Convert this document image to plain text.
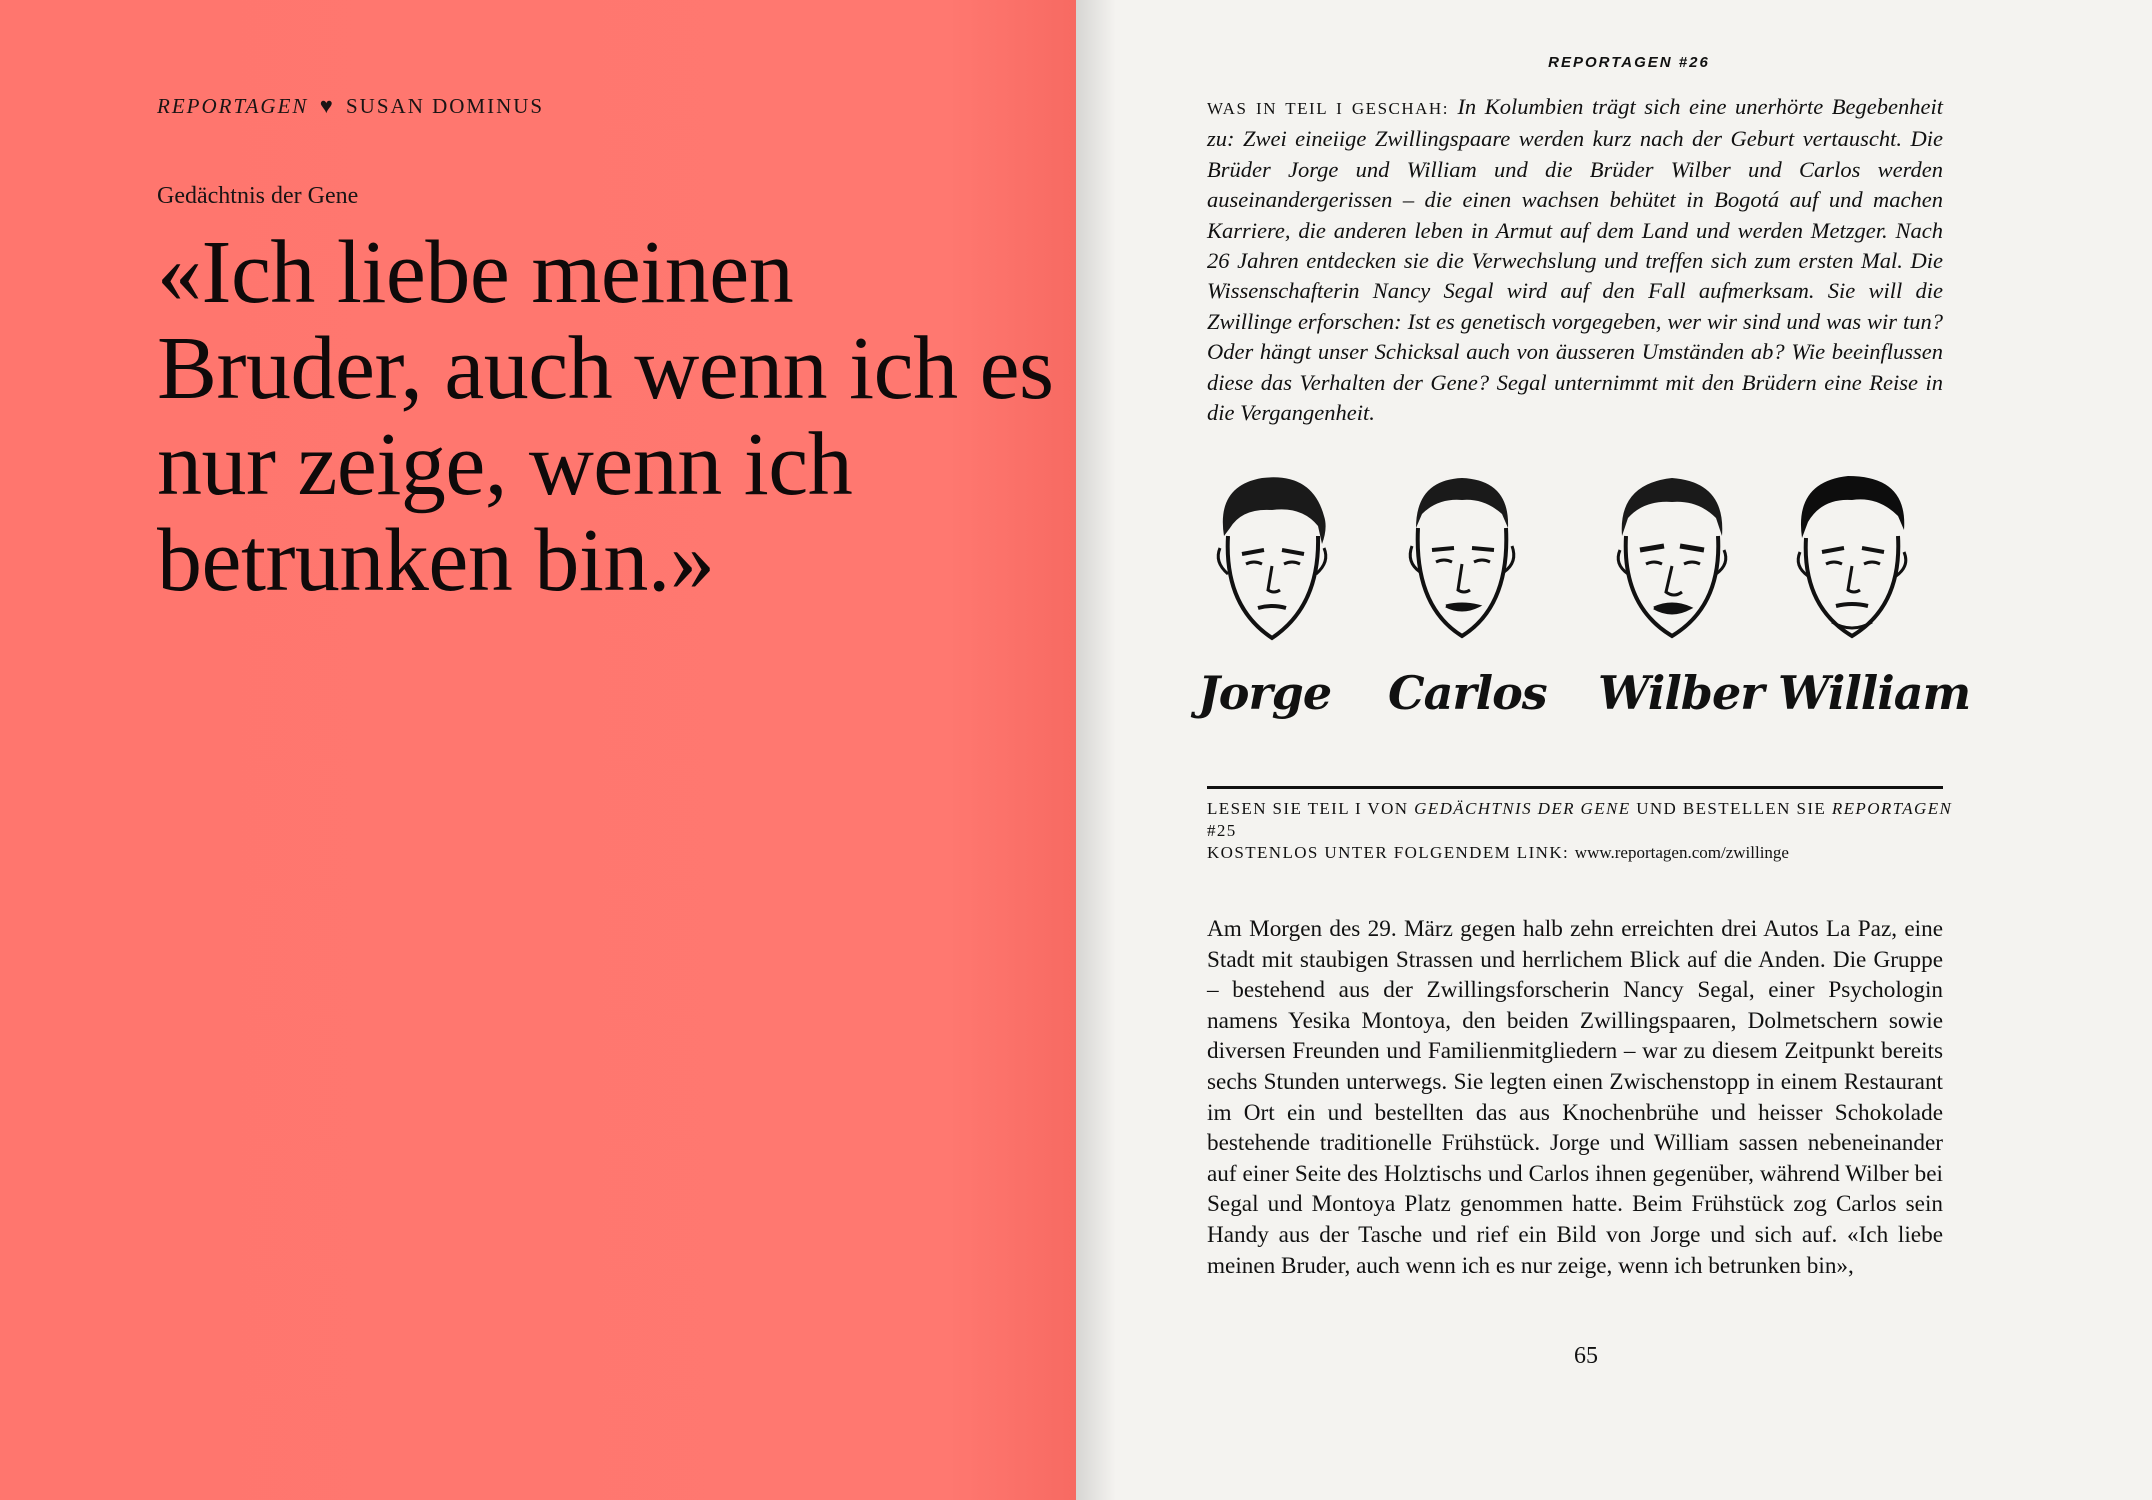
REPORTAGEN ♥ SUSAN DOMINUS
Gedächtnis der Gene
«Ich liebe meinen Bruder, auch wenn ich es nur zeige, wenn ich betrunken bin.»
REPORTAGEN #26

WAS IN TEIL I GESCHAH: In Kolumbien trägt sich eine unerhörte Begebenheit zu: Zwei eineiige Zwillingspaare werden kurz nach der Geburt vertauscht. Die Brüder Jorge und William und die Brüder Wilber und Carlos werden auseinandergerissen – die einen wachsen behütet in Bogotá auf und machen Karriere, die anderen leben in Armut auf dem Land und werden Metzger. Nach 26 Jahren entdecken sie die Verwechslung und treffen sich zum ersten Mal. Die Wissenschafterin Nancy Segal wird auf den Fall aufmerksam. Sie will die Zwillinge erforschen: Ist es genetisch vorgegeben, wer wir sind und was wir tun? Oder hängt unser Schicksal auch von äusseren Umständen ab? Wie beeinflussen diese das Verhalten der Gene? Segal unternimmt mit den Brüdern eine Reise in die Vergangenheit.

Jorge Carlos Wilber William
LESEN SIE TEIL I VON GEDÄCHTNIS DER GENE UND BESTELLEN SIE REPORTAGEN #25
KOSTENLOS UNTER FOLGENDEM LINK: www.reportagen.com/zwillinge

Am Morgen des 29. März gegen halb zehn erreichten drei Autos La Paz, eine Stadt mit staubigen Strassen und herrlichem Blick auf die Anden. Die Gruppe – bestehend aus der Zwillingsforscherin Nancy Segal, einer Psychologin namens Yesika Montoya, den beiden Zwillingspaaren, Dolmetschern sowie diversen Freunden und Familienmitgliedern – war zu diesem Zeitpunkt bereits sechs Stunden unterwegs. Sie legten einen Zwischenstopp in einem Restaurant im Ort ein und bestellten das aus Knochenbrühe und heisser Schokolade bestehende traditionelle Frühstück. Jorge und William sassen nebeneinander auf einer Seite des Holztischs und Carlos ihnen gegenüber, während Wilber bei Segal und Montoya Platz genommen hatte. Beim Frühstück zog Carlos sein Handy aus der Tasche und rief ein Bild von Jorge und sich auf. «Ich liebe meinen Bruder, auch wenn ich es nur zeige, wenn ich betrunken bin»,

65
